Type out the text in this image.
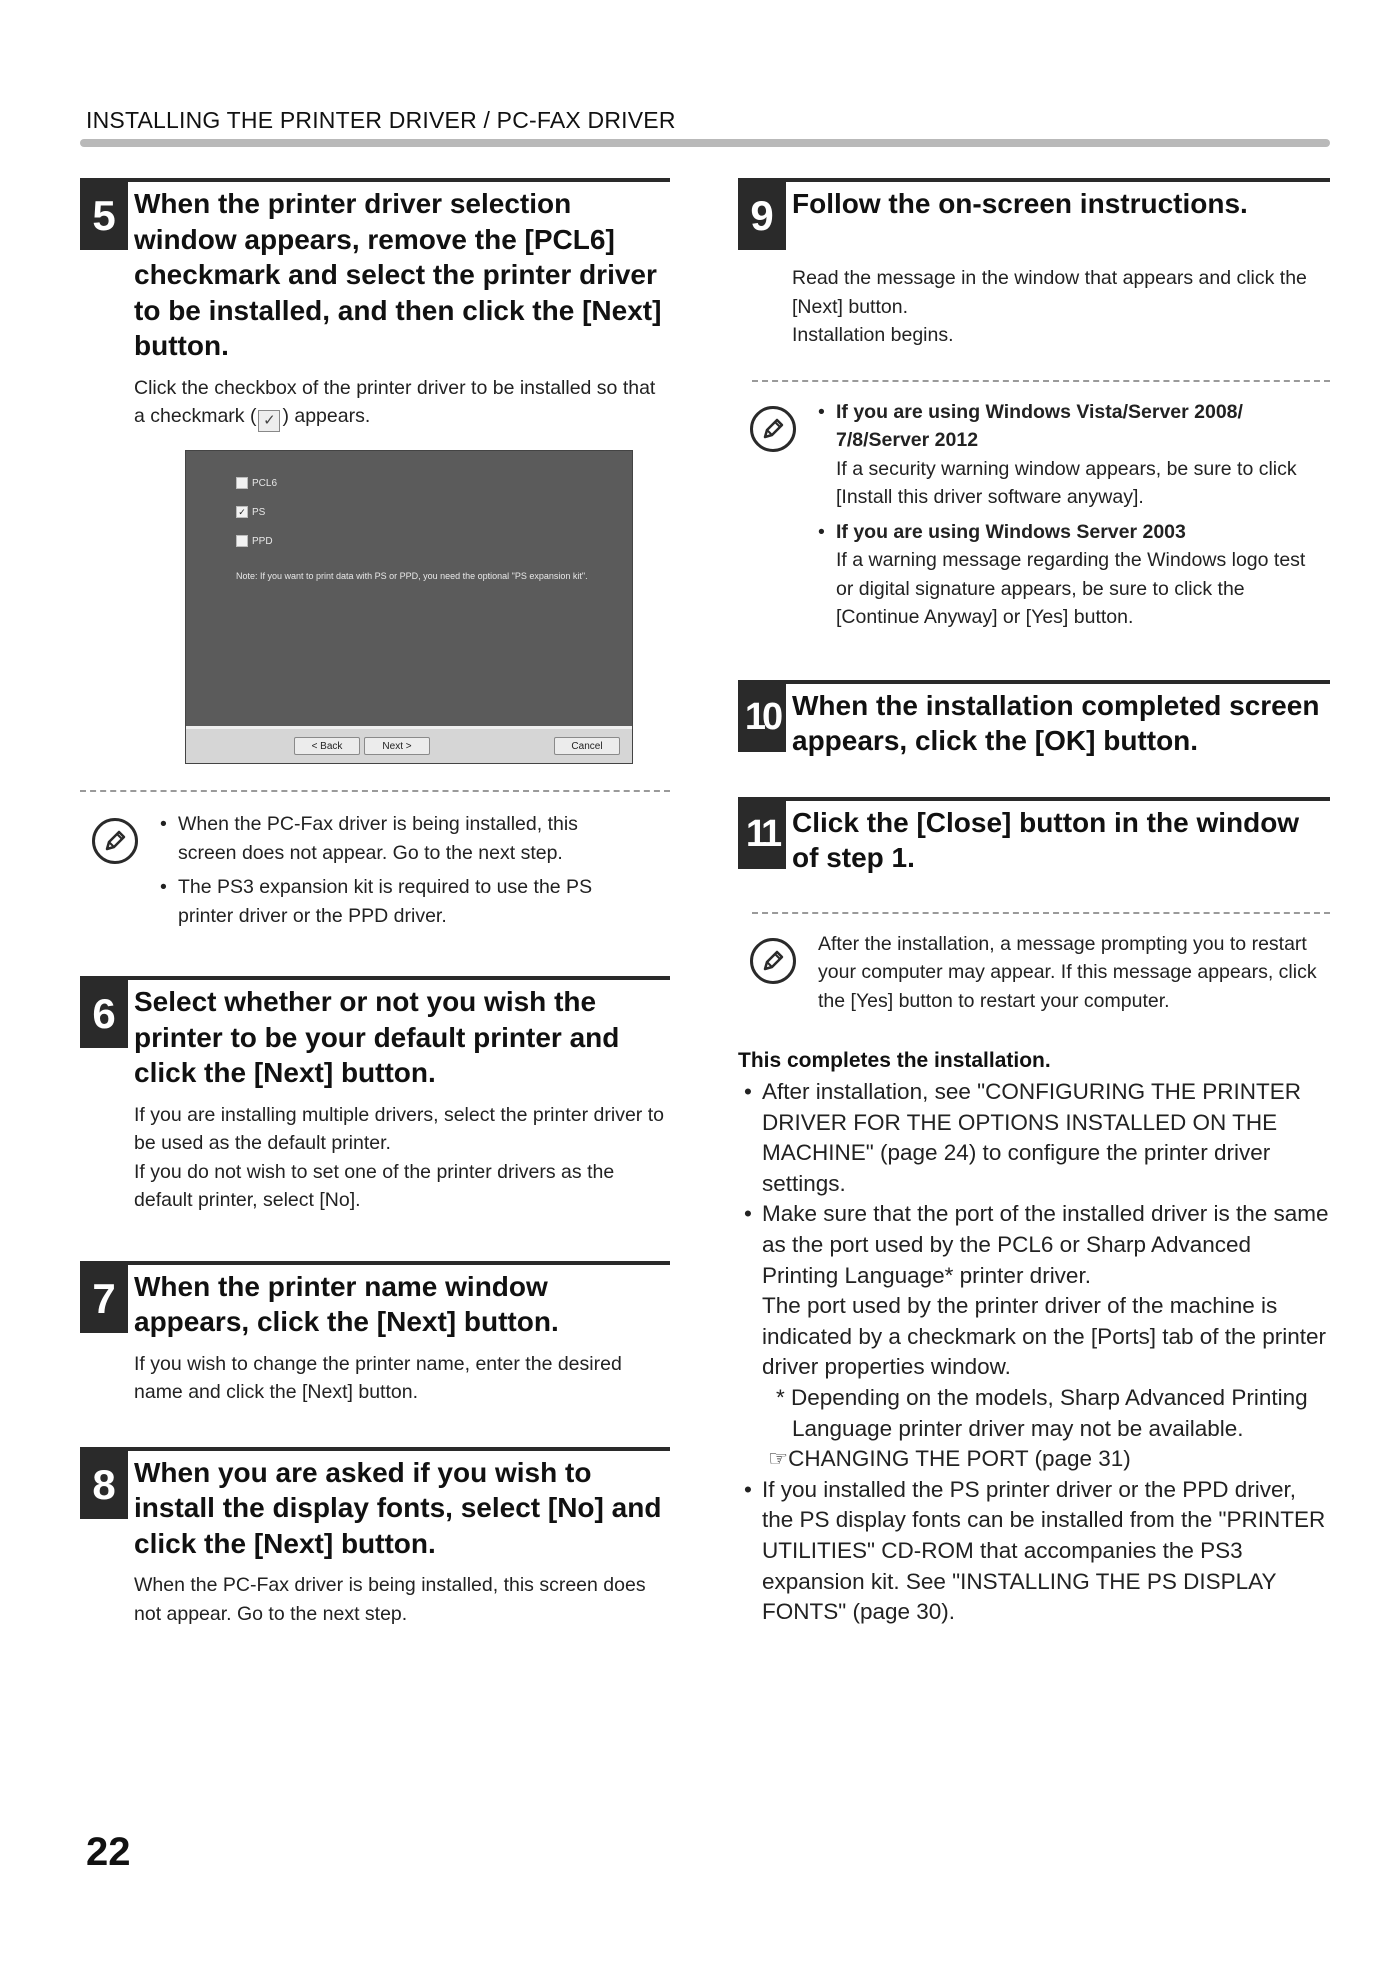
INSTALLING THE PRINTER DRIVER / PC-FAX DRIVER
5 When the printer driver selection window appears, remove the [PCL6] checkmark and select the printer driver to be installed, and then click the [Next] button.
Click the checkbox of the printer driver to be installed so that a checkmark ( ✓ ) appears.
PCL6
✓ PS
PPD
Note: If you want to print data with PS or PPD, you need the optional "PS expansion kit".
< Back	Next >	Cancel
• When the PC-Fax driver is being installed, this screen does not appear. Go to the next step.
• The PS3 expansion kit is required to use the PS printer driver or the PPD driver.
6 Select whether or not you wish the printer to be your default printer and click the [Next] button.
If you are installing multiple drivers, select the printer driver to be used as the default printer.
If you do not wish to set one of the printer drivers as the default printer, select [No].
7 When the printer name window appears, click the [Next] button.
If you wish to change the printer name, enter the desired name and click the [Next] button.
8 When you are asked if you wish to install the display fonts, select [No] and click the [Next] button.
When the PC-Fax driver is being installed, this screen does not appear. Go to the next step.
9 Follow the on-screen instructions.
Read the message in the window that appears and click the [Next] button.
Installation begins.
• If you are using Windows Vista/Server 2008/ 7/8/Server 2012
If a security warning window appears, be sure to click [Install this driver software anyway].
• If you are using Windows Server 2003
If a warning message regarding the Windows logo test or digital signature appears, be sure to click the [Continue Anyway] or [Yes] button.
10 When the installation completed screen appears, click the [OK] button.
11 Click the [Close] button in the window of step 1.
After the installation, a message prompting you to restart your computer may appear. If this message appears, click the [Yes] button to restart your computer.
This completes the installation.
• After installation, see "CONFIGURING THE PRINTER DRIVER FOR THE OPTIONS INSTALLED ON THE MACHINE" (page 24) to configure the printer driver settings.
• Make sure that the port of the installed driver is the same as the port used by the PCL6 or Sharp Advanced Printing Language* printer driver.
The port used by the printer driver of the machine is indicated by a checkmark on the [Ports] tab of the printer driver properties window.
* Depending on the models, Sharp Advanced Printing Language printer driver may not be available.
☞CHANGING THE PORT (page 31)
• If you installed the PS printer driver or the PPD driver, the PS display fonts can be installed from the "PRINTER UTILITIES" CD-ROM that accompanies the PS3 expansion kit. See "INSTALLING THE PS DISPLAY FONTS" (page 30).
22
